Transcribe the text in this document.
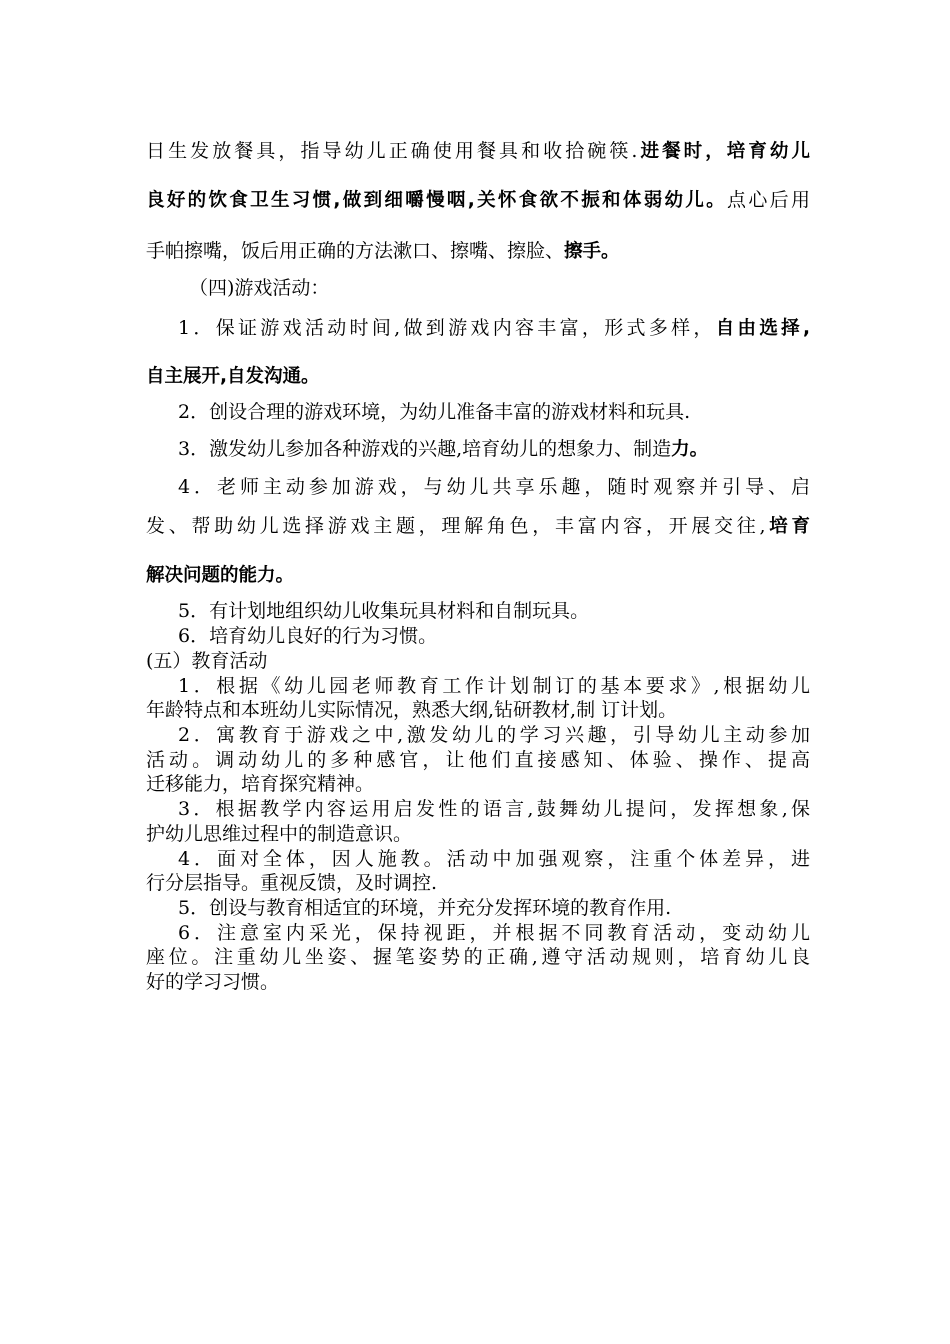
日生发放餐具，指导幼儿正确使用餐具和收拾碗筷.进餐时，培育幼儿

良好的饮食卫生习惯,做到细嚼慢咽,关怀食欲不振和体弱幼儿。点心后用

手帕擦嘴，饭后用正确的方法漱口、擦嘴、擦脸、擦手。

（四)游戏活动：

1．保证游戏活动时间,做到游戏内容丰富，形式多样，自由选择,

自主展开,自发沟通。

2．创设合理的游戏环境，为幼儿准备丰富的游戏材料和玩具.

3．激发幼儿参加各种游戏的兴趣,培育幼儿的想象力、制造力。

4．老师主动参加游戏，与幼儿共享乐趣，随时观察并引导、启

发、帮助幼儿选择游戏主题，理解角色，丰富内容，开展交往,培育

解决问题的能力。

5．有计划地组织幼儿收集玩具材料和自制玩具。

6．培育幼儿良好的行为习惯。

(五）教育活动

1．根据《幼儿园老师教育工作计划制订的基本要求》,根据幼儿

年龄特点和本班幼儿实际情况，熟悉大纲,钻研教材,制 订计划。

2．寓教育于游戏之中,激发幼儿的学习兴趣，引导幼儿主动参加

活动。调动幼儿的多种感官，让他们直接感知、体验、操作、提高

迁移能力，培育探究精神。

3．根据教学内容运用启发性的语言,鼓舞幼儿提问，发挥想象,保

护幼儿思维过程中的制造意识。

4．面对全体，因人施教。活动中加强观察，注重个体差异，进

行分层指导。重视反馈，及时调控.

5．创设与教育相适宜的环境，并充分发挥环境的教育作用.

6．注意室内采光，保持视距，并根据不同教育活动，变动幼儿

座位。注重幼儿坐姿、握笔姿势的正确,遵守活动规则，培育幼儿良

好的学习习惯。
